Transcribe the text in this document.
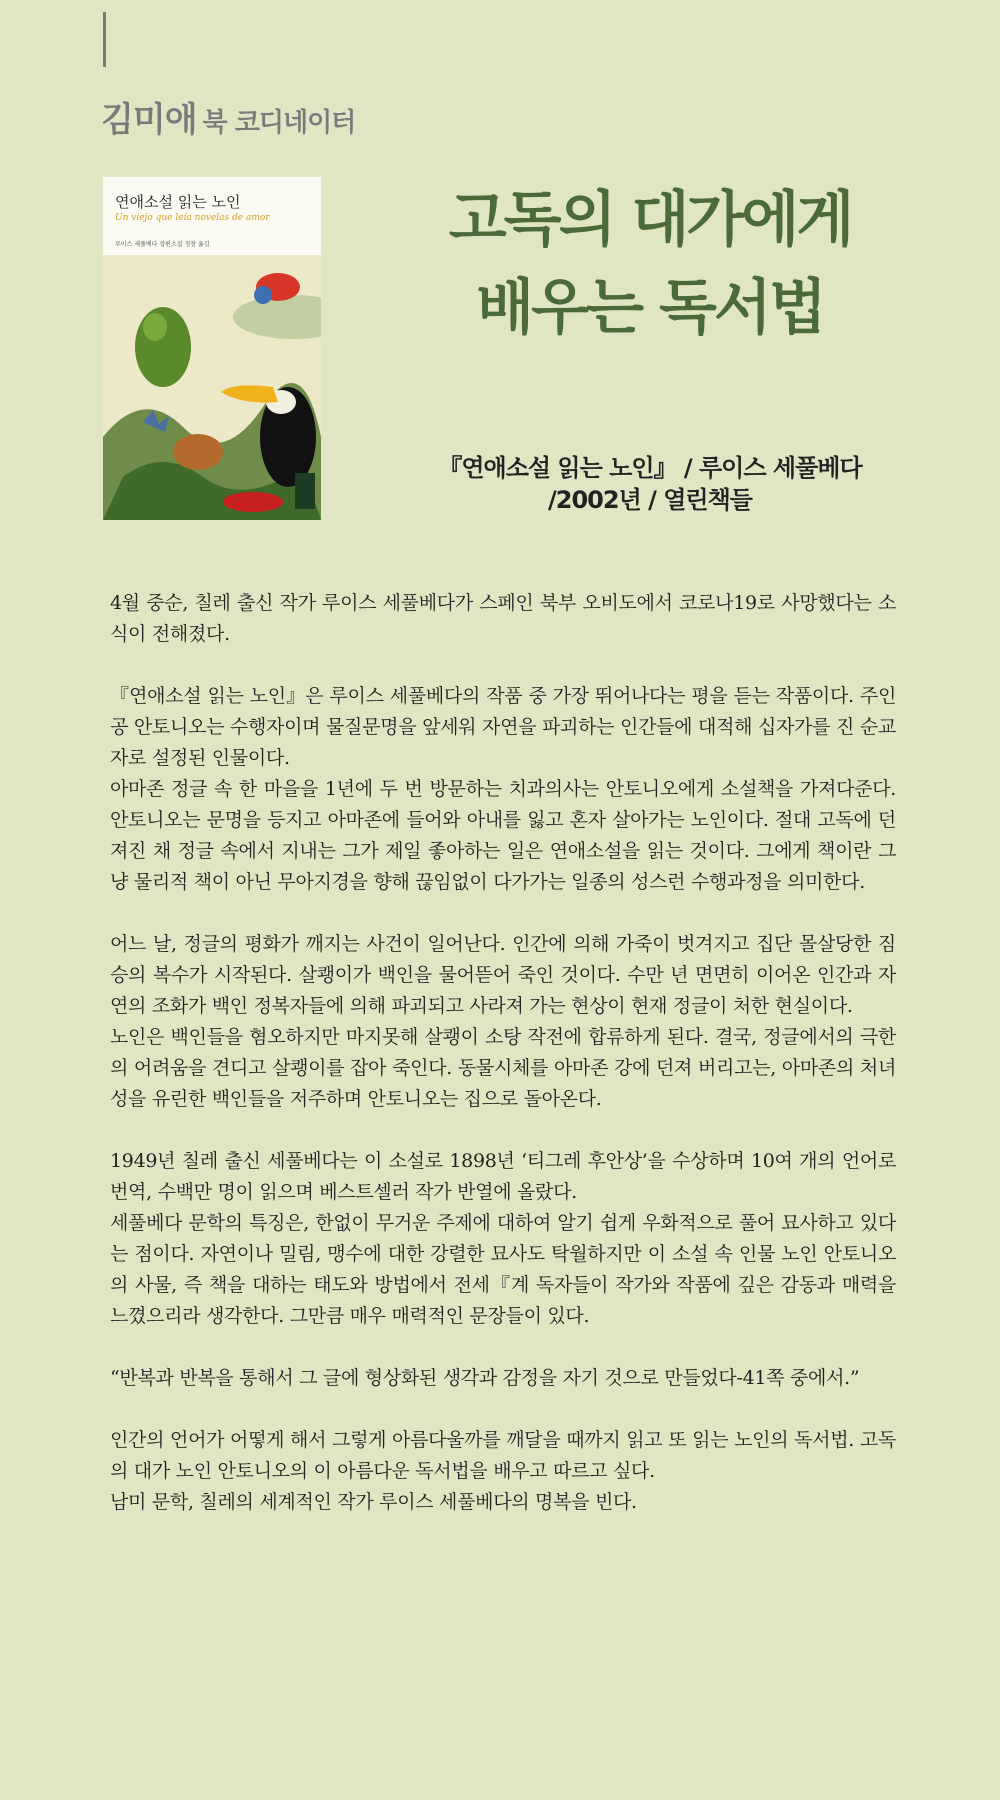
김미애 북 코디네이터
연애소설 읽는 노인
Un viejo que leía novelas de amor
루이스 세풀베다 장편소설 정창 옮김	고독의 대가에게
배우는 독서법
『연애소설 읽는 노인』 / 루이스 세풀베다
/2002년 / 열린책들

4월 중순, 칠레 출신 작가 루이스 세풀베다가 스페인 북부 오비도에서 코로나19로 사망했다는 소식이 전해졌다.

『연애소설 읽는 노인』은 루이스 세풀베다의 작품 중 가장 뛰어나다는 평을 듣는 작품이다. 주인공 안토니오는 수행자이며 물질문명을 앞세워 자연을 파괴하는 인간들에 대적해 십자가를 진 순교자로 설정된 인물이다.

아마존 정글 속 한 마을을 1년에 두 번 방문하는 치과의사는 안토니오에게 소설책을 가져다준다. 안토니오는 문명을 등지고 아마존에 들어와 아내를 잃고 혼자 살아가는 노인이다. 절대 고독에 던져진 채 정글 속에서 지내는 그가 제일 좋아하는 일은 연애소설을 읽는 것이다. 그에게 책이란 그냥 물리적 책이 아닌 무아지경을 향해 끊임없이 다가가는 일종의 성스런 수행과정을 의미한다.

어느 날, 정글의 평화가 깨지는 사건이 일어난다. 인간에 의해 가죽이 벗겨지고 집단 몰살당한 짐승의 복수가 시작된다. 살쾡이가 백인을 물어뜯어 죽인 것이다. 수만 년 면면히 이어온 인간과 자연의 조화가 백인 정복자들에 의해 파괴되고 사라져 가는 현상이 현재 정글이 처한 현실이다.

노인은 백인들을 혐오하지만 마지못해 살쾡이 소탕 작전에 합류하게 된다. 결국, 정글에서의 극한의 어려움을 견디고 살쾡이를 잡아 죽인다. 동물시체를 아마존 강에 던져 버리고는, 아마존의 처녀성을 유린한 백인들을 저주하며 안토니오는 집으로 돌아온다.

1949년 칠레 출신 세풀베다는 이 소설로 1898년 ‘티그레 후안상’을 수상하며 10여 개의 언어로 번역, 수백만 명이 읽으며 베스트셀러 작가 반열에 올랐다.

세풀베다 문학의 특징은, 한없이 무거운 주제에 대하여 알기 쉽게 우화적으로 풀어 묘사하고 있다는 점이다. 자연이나 밀림, 맹수에 대한 강렬한 묘사도 탁월하지만 이 소설 속 인물 노인 안토니오의 사물, 즉 책을 대하는 태도와 방법에서 전세『계 독자들이 작가와 작품에 깊은 감동과 매력을 느꼈으리라 생각한다. 그만큼 매우 매력적인 문장들이 있다.

“반복과 반복을 통해서 그 글에 형상화된 생각과 감정을 자기 것으로 만들었다-41쪽 중에서.”

인간의 언어가 어떻게 해서 그렇게 아름다울까를 깨달을 때까지 읽고 또 읽는 노인의 독서법. 고독의 대가 노인 안토니오의 이 아름다운 독서법을 배우고 따르고 싶다.

남미 문학, 칠레의 세계적인 작가 루이스 세풀베다의 명복을 빈다.
